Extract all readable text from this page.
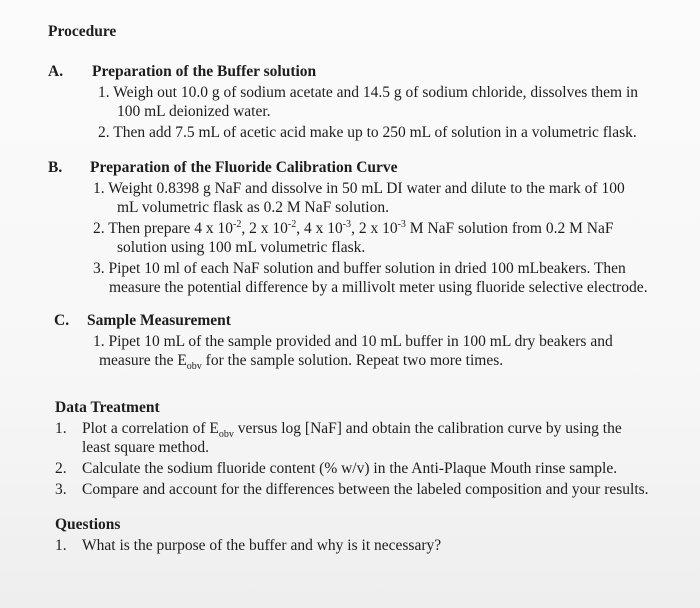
Procedure
A. Preparation of the Buffer solution
1. Weigh out 10.0 g of sodium acetate and 14.5 g of sodium chloride, dissolves them in
100 mL deionized water.
2. Then add 7.5 mL of acetic acid make up to 250 mL of solution in a volumetric flask.
B. Preparation of the Fluoride Calibration Curve
1. Weight 0.8398 g NaF and dissolve in 50 mL DI water and dilute to the mark of 100
mL volumetric flask as 0.2 M NaF solution.
2. Then prepare 4 x $10^{-2}$, 2 x $10^{-2}$, 4 x $10^{-3}$, 2 x $10^{-3}$ M NaF solution from 0.2 M NaF
solution using 100 mL volumetric flask.
3. Pipet 10 ml of each NaF solution and buffer solution in dried 100 mLbeakers. Then
measure the potential difference by a millivolt meter using fluoride selective electrode.
C. Sample Measurement
1. Pipet 10 mL of the sample provided and 10 mL buffer in 100 mL dry beakers and
measure the $E_{obv}$ for the sample solution. Repeat two more times.
Data Treatment
1. Plot a correlation of $E_{obv}$ versus log [NaF] and obtain the calibration curve by using the
least square method.
2. Calculate the sodium fluoride content (% w/v) in the Anti-Plaque Mouth rinse sample.
3. Compare and account for the differences between the labeled composition and your results.
Questions
1. What is the purpose of the buffer and why is it necessary?
